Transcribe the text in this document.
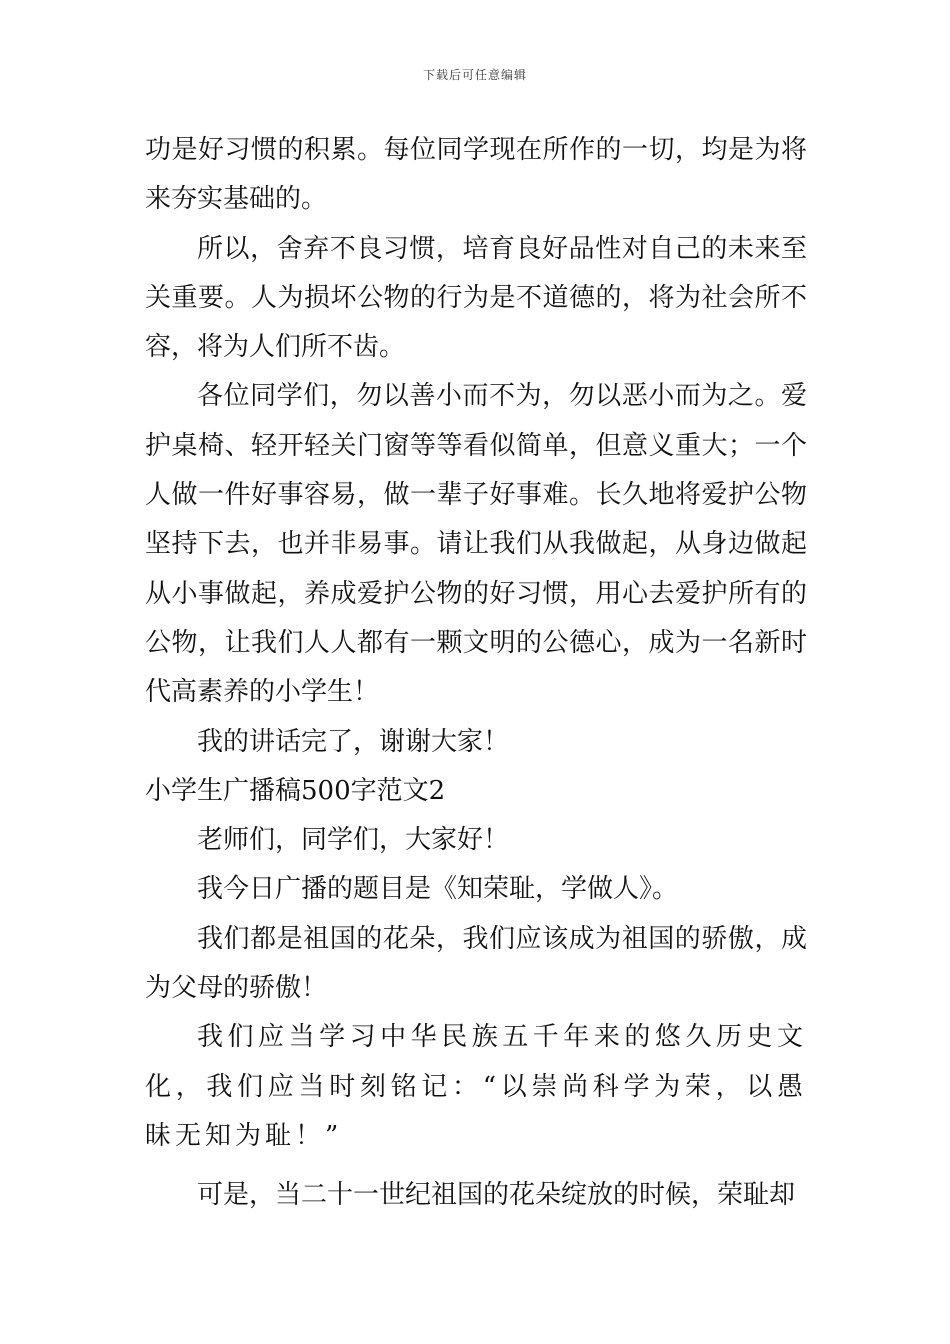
下载后可任意编辑

功是好习惯的积累。每位同学现在所作的一切，均是为将来夯实基础的。

所以，舍弃不良习惯，培育良好品性对自己的未来至关重要。人为损坏公物的行为是不道德的，将为社会所不容，将为人们所不齿。

各位同学们，勿以善小而不为，勿以恶小而为之。爱护桌椅、轻开轻关门窗等等看似简单，但意义重大；一个人做一件好事容易，做一辈子好事难。长久地将爱护公物坚持下去，也并非易事。请让我们从我做起，从身边做起从小事做起，养成爱护公物的好习惯，用心去爱护所有的公物，让我们人人都有一颗文明的公德心，成为一名新时代高素养的小学生！

我的讲话完了，谢谢大家！

小学生广播稿500字范文2

老师们，同学们，大家好！

我今日广播的题目是《知荣耻，学做人》。

我们都是祖国的花朵，我们应该成为祖国的骄傲，成为父母的骄傲！

我们应当学习中华民族五千年来的悠久历史文化，我们应当时刻铭记：“以崇尚科学为荣，以愚昧无知为耻！”

可是，当二十一世纪祖国的花朵绽放的时候，荣耻却
